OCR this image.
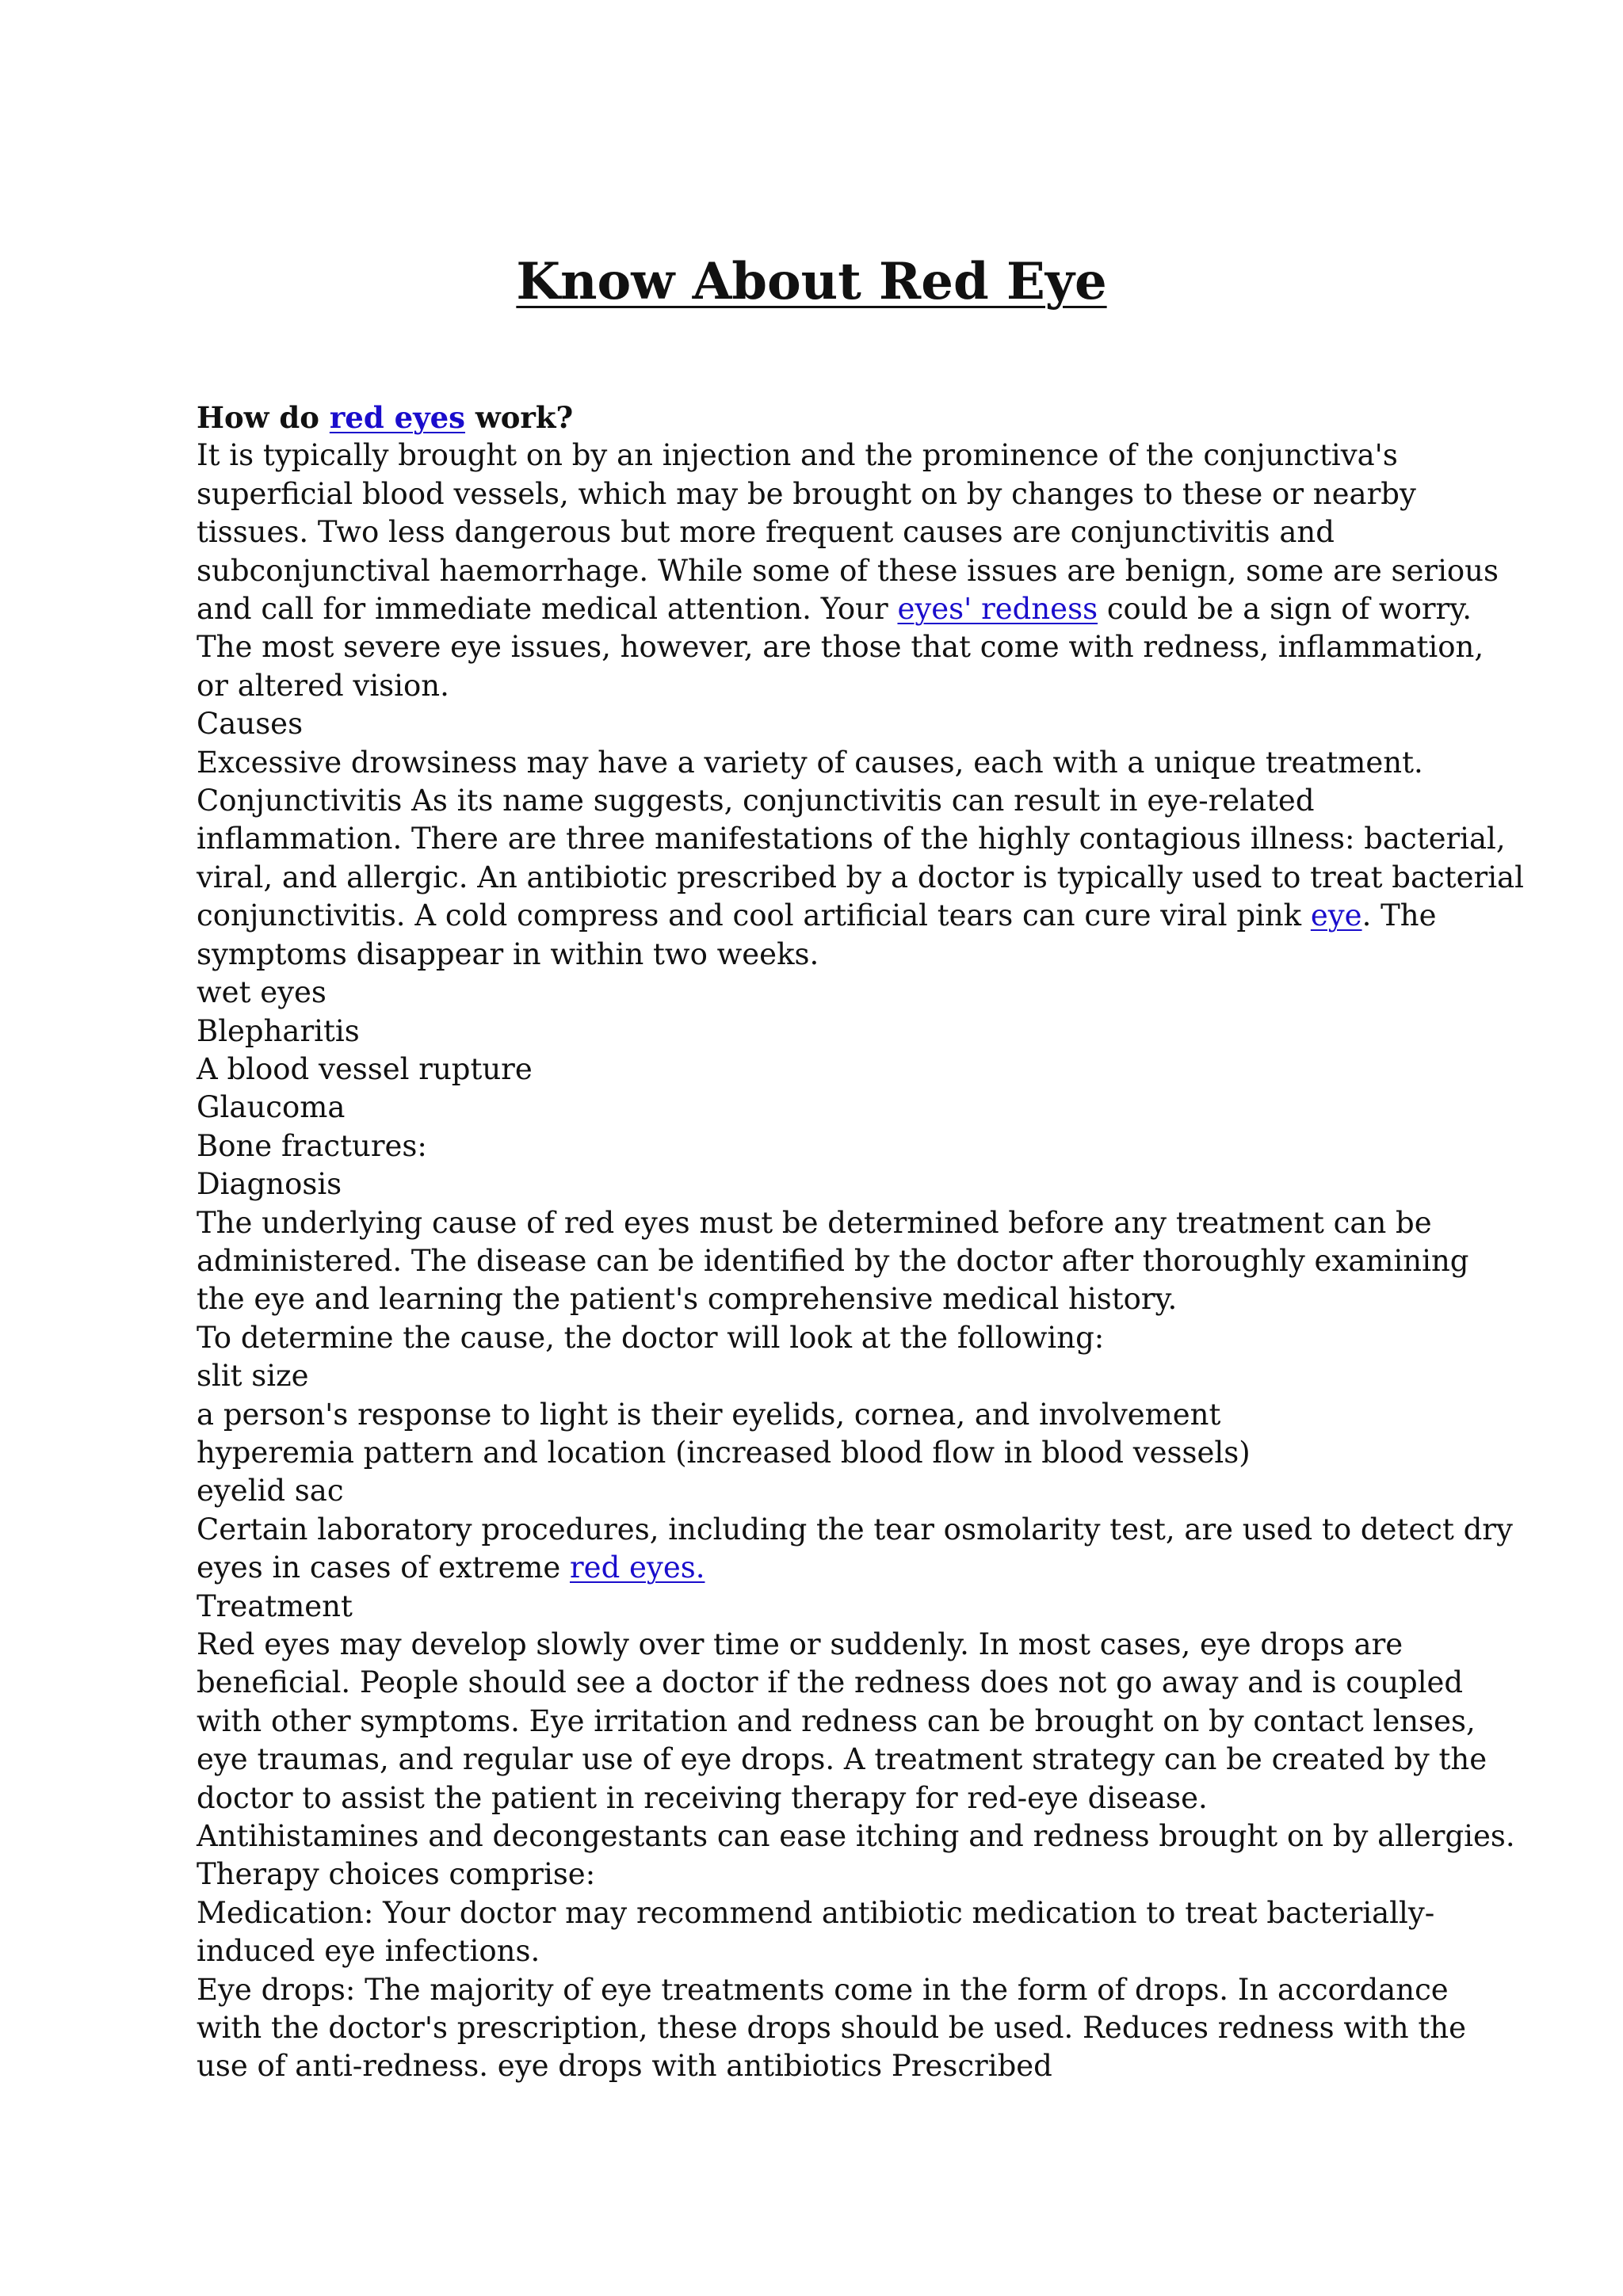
Know About Red Eye
How do red eyes work?
It is typically brought on by an injection and the prominence of the conjunctiva's
superficial blood vessels, which may be brought on by changes to these or nearby
tissues. Two less dangerous but more frequent causes are conjunctivitis and
subconjunctival haemorrhage. While some of these issues are benign, some are serious
and call for immediate medical attention. Your eyes' redness could be a sign of worry.
The most severe eye issues, however, are those that come with redness, inflammation,
or altered vision.
Causes
Excessive drowsiness may have a variety of causes, each with a unique treatment.
Conjunctivitis As its name suggests, conjunctivitis can result in eye-related
inflammation. There are three manifestations of the highly contagious illness: bacterial,
viral, and allergic. An antibiotic prescribed by a doctor is typically used to treat bacterial
conjunctivitis. A cold compress and cool artificial tears can cure viral pink eye. The
symptoms disappear in within two weeks.
wet eyes
Blepharitis
A blood vessel rupture
Glaucoma
Bone fractures:
Diagnosis
The underlying cause of red eyes must be determined before any treatment can be
administered. The disease can be identified by the doctor after thoroughly examining
the eye and learning the patient's comprehensive medical history.
To determine the cause, the doctor will look at the following:
slit size
a person's response to light is their eyelids, cornea, and involvement
hyperemia pattern and location (increased blood flow in blood vessels)
eyelid sac
Certain laboratory procedures, including the tear osmolarity test, are used to detect dry
eyes in cases of extreme red eyes.
Treatment
Red eyes may develop slowly over time or suddenly. In most cases, eye drops are
beneficial. People should see a doctor if the redness does not go away and is coupled
with other symptoms. Eye irritation and redness can be brought on by contact lenses,
eye traumas, and regular use of eye drops. A treatment strategy can be created by the
doctor to assist the patient in receiving therapy for red-eye disease.
Antihistamines and decongestants can ease itching and redness brought on by allergies.
Therapy choices comprise:
Medication: Your doctor may recommend antibiotic medication to treat bacterially-
induced eye infections.
Eye drops: The majority of eye treatments come in the form of drops. In accordance
with the doctor's prescription, these drops should be used. Reduces redness with the
use of anti-redness. eye drops with antibiotics Prescribed
